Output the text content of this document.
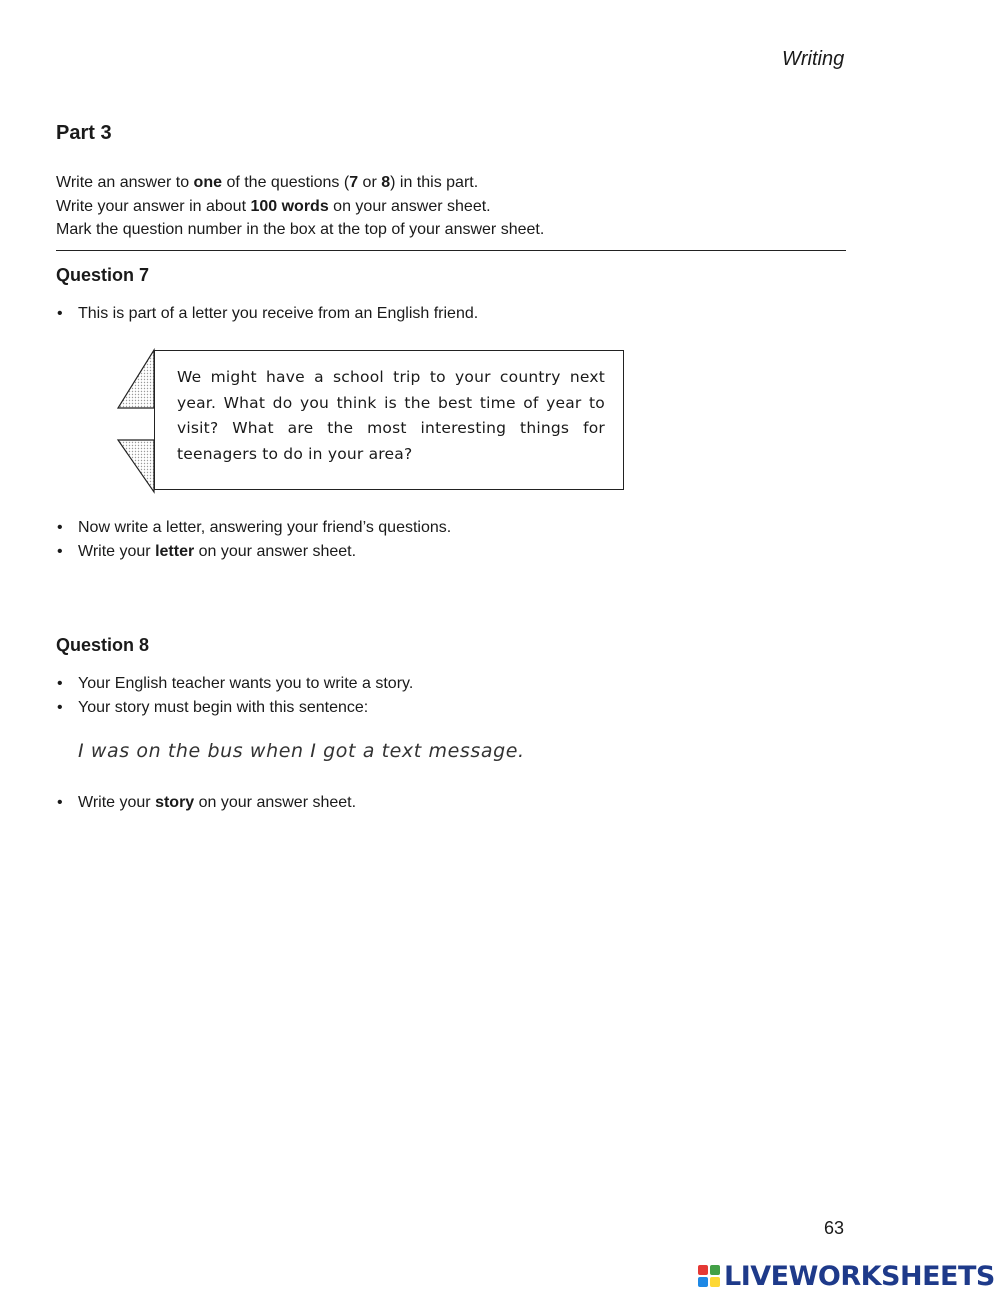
Writing
Part 3

Write an answer to one of the questions (7 or 8) in this part.

Write your answer in about 100 words on your answer sheet.

Mark the question number in the box at the top of your answer sheet.

Question 7
• This is part of a letter you receive from an English friend.
We might have a school trip to your country next year. What do you think is the best time of year to visit? What are the most interesting things for teenagers to do in your area?
• Now write a letter, answering your friend’s questions.
• Write your letter on your answer sheet.
Question 8
• Your English teacher wants you to write a story.
• Your story must begin with this sentence:
I was on the bus when I got a text message.
• Write your story on your answer sheet.
63
LIVEWORKSHEETS
